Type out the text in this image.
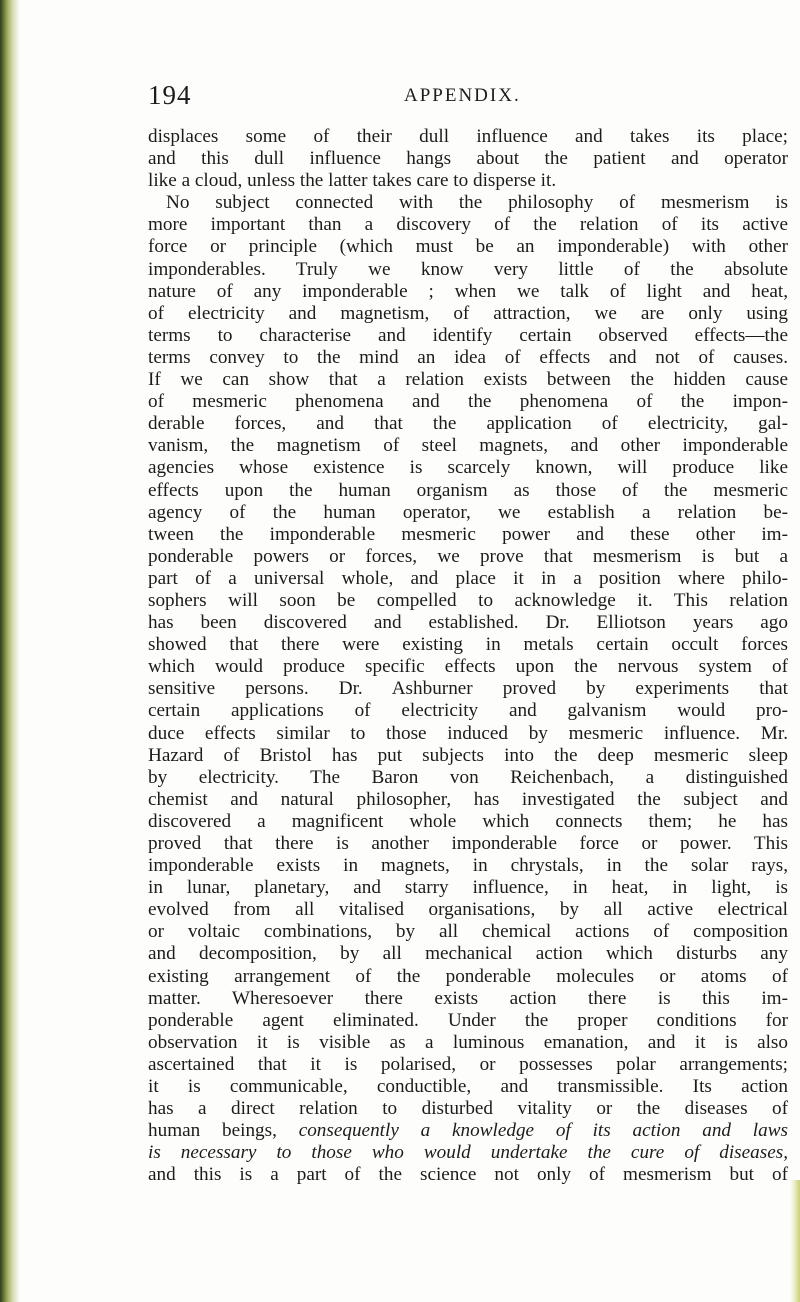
194	APPENDIX.
displaces some of their dull influence and takes its place;
and this dull influence hangs about the patient and operator
like a cloud, unless the latter takes care to disperse it.
No subject connected with the philosophy of mesmerism is
more important than a discovery of the relation of its active
force or principle (which must be an imponderable) with other
imponderables. Truly we know very little of the absolute
nature of any imponderable ; when we talk of light and heat,
of electricity and magnetism, of attraction, we are only using
terms to characterise and identify certain observed effects—the
terms convey to the mind an idea of effects and not of causes.
If we can show that a relation exists between the hidden cause
of mesmeric phenomena and the phenomena of the impon-
derable forces, and that the application of electricity, gal-
vanism, the magnetism of steel magnets, and other imponderable
agencies whose existence is scarcely known, will produce like
effects upon the human organism as those of the mesmeric
agency of the human operator, we establish a relation be-
tween the imponderable mesmeric power and these other im-
ponderable powers or forces, we prove that mesmerism is but a
part of a universal whole, and place it in a position where philo-
sophers will soon be compelled to acknowledge it. This relation
has been discovered and established. Dr. Elliotson years ago
showed that there were existing in metals certain occult forces
which would produce specific effects upon the nervous system of
sensitive persons. Dr. Ashburner proved by experiments that
certain applications of electricity and galvanism would pro-
duce effects similar to those induced by mesmeric influence. Mr.
Hazard of Bristol has put subjects into the deep mesmeric sleep
by electricity. The Baron von Reichenbach, a distinguished
chemist and natural philosopher, has investigated the subject and
discovered a magnificent whole which connects them; he has
proved that there is another imponderable force or power. This
imponderable exists in magnets, in chrystals, in the solar rays,
in lunar, planetary, and starry influence, in heat, in light, is
evolved from all vitalised organisations, by all active electrical
or voltaic combinations, by all chemical actions of composition
and decomposition, by all mechanical action which disturbs any
existing arrangement of the ponderable molecules or atoms of
matter. Wheresoever there exists action there is this im-
ponderable agent eliminated. Under the proper conditions for
observation it is visible as a luminous emanation, and it is also
ascertained that it is polarised, or possesses polar arrangements;
it is communicable, conductible, and transmissible. Its action
has a direct relation to disturbed vitality or the diseases of
human beings, consequently a knowledge of its action and laws
is necessary to those who would undertake the cure of diseases,
and this is a part of the science not only of mesmerism but of
